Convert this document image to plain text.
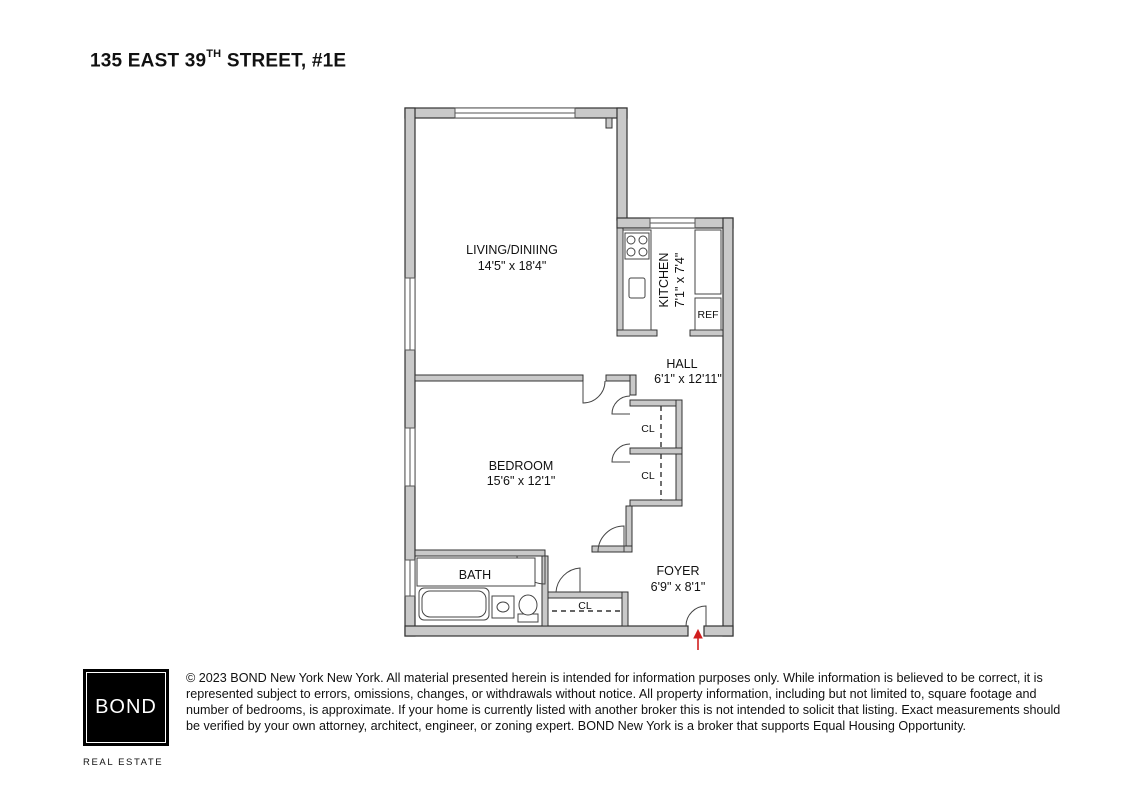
135 EAST 39TH STREET, #1E
LIVING/DINIING
14'5" x 18'4"	KITCHEN 7'1" x 7'4"
REF
HALL
6'1" x 12'11"
CL
CL
BEDROOM
15'6" x 12'1"
BATH
CL
FOYER
6'9" x 8'1"
BOND
REAL ESTATE
© 2023 BOND New York New York. All material presented herein is intended for information purposes only. While information is believed to be correct, it is represented subject to errors, omissions, changes, or withdrawals without notice. All property information, including but not limited to, square footage and number of bedrooms, is approximate. If your home is currently listed with another broker this is not intended to solicit that listing. Exact measurements should be verified by your own attorney, architect, engineer, or zoning expert. BOND New York is a broker that supports Equal Housing Opportunity.
